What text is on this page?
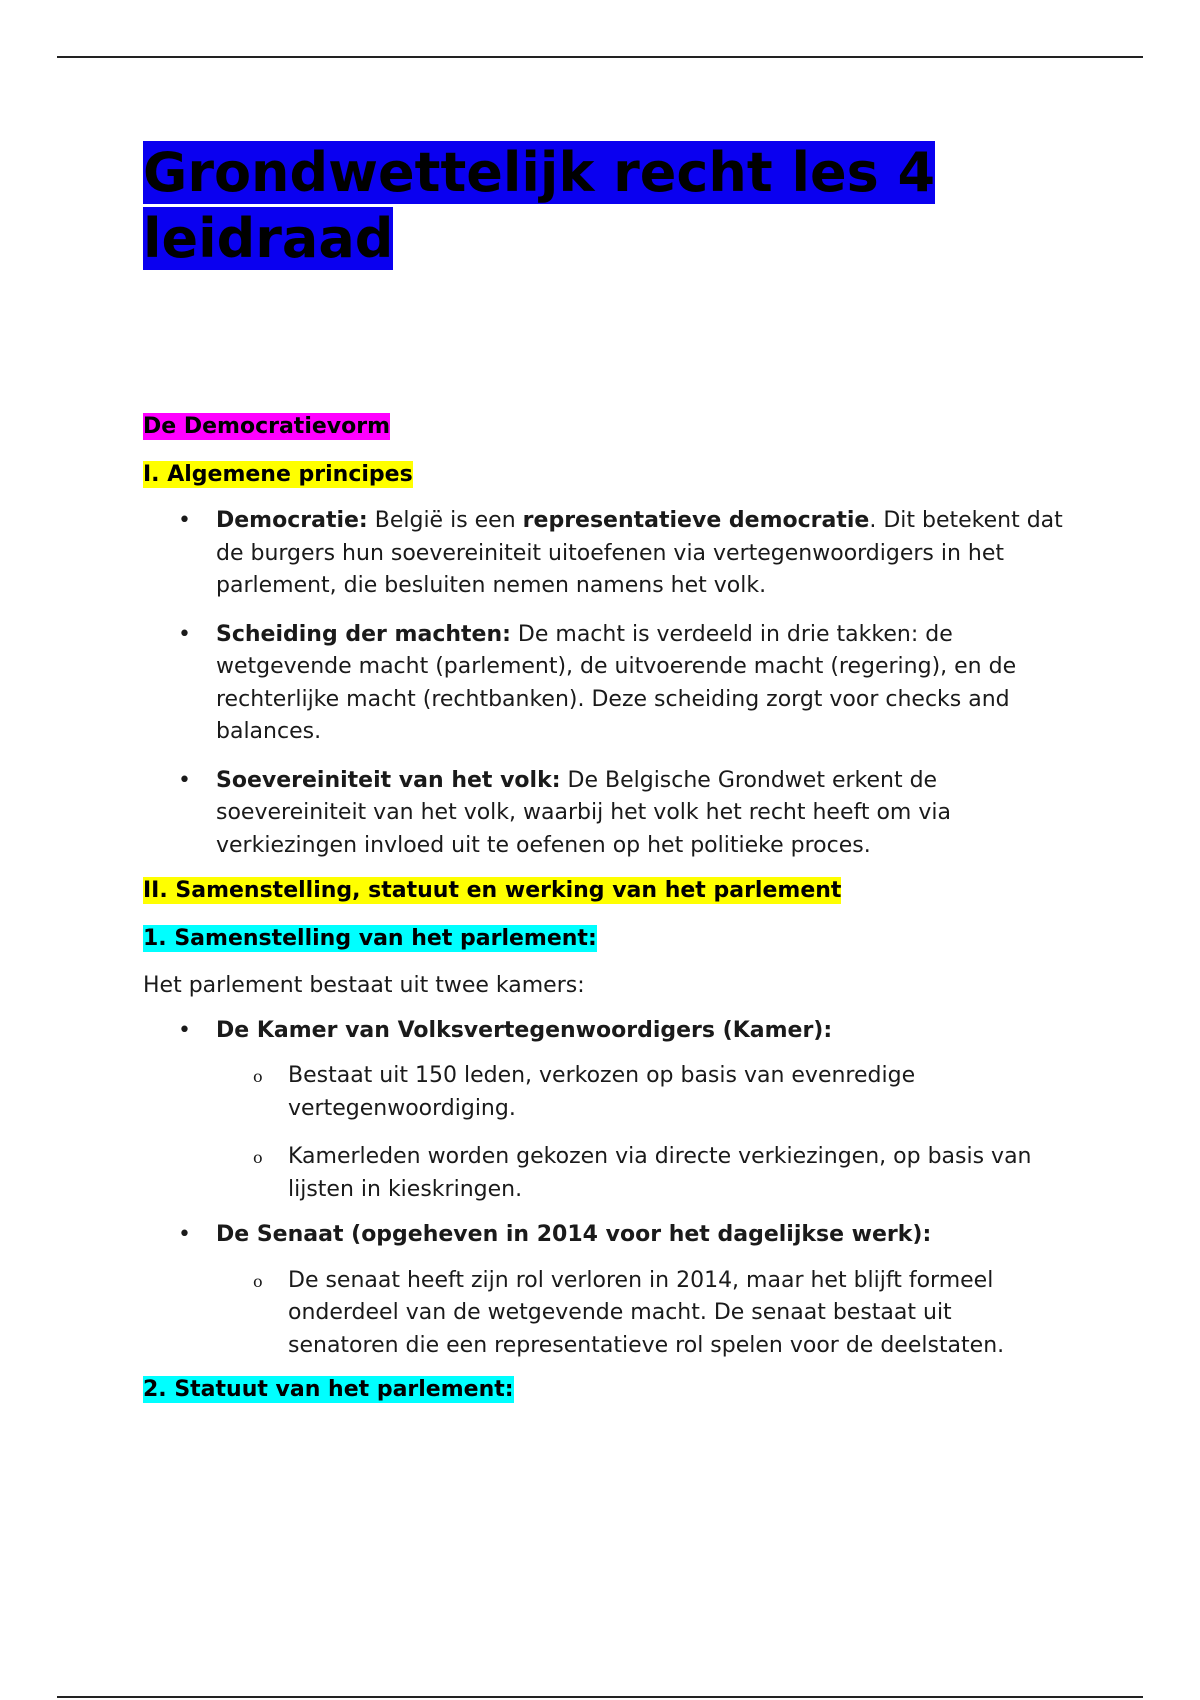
Grondwettelijk recht les 4 leidraad
De Democratievorm
I. Algemene principes
• Democratie: België is een representatieve democratie. Dit betekent dat de burgers hun soevereiniteit uitoefenen via vertegenwoordigers in het parlement, die besluiten nemen namens het volk.
• Scheiding der machten: De macht is verdeeld in drie takken: de wetgevende macht (parlement), de uitvoerende macht (regering), en de rechterlijke macht (rechtbanken). Deze scheiding zorgt voor checks and balances.
• Soevereiniteit van het volk: De Belgische Grondwet erkent de soevereiniteit van het volk, waarbij het volk het recht heeft om via verkiezingen invloed uit te oefenen op het politieke proces.
II. Samenstelling, statuut en werking van het parlement
1. Samenstelling van het parlement:

Het parlement bestaat uit twee kamers:

• De Kamer van Volksvertegenwoordigers (Kamer):
o Bestaat uit 150 leden, verkozen op basis van evenredige vertegenwoordiging.
o Kamerleden worden gekozen via directe verkiezingen, op basis van lijsten in kieskringen.
• De Senaat (opgeheven in 2014 voor het dagelijkse werk):
o De senaat heeft zijn rol verloren in 2014, maar het blijft formeel onderdeel van de wetgevende macht. De senaat bestaat uit senatoren die een representatieve rol spelen voor de deelstaten.
2. Statuut van het parlement:
